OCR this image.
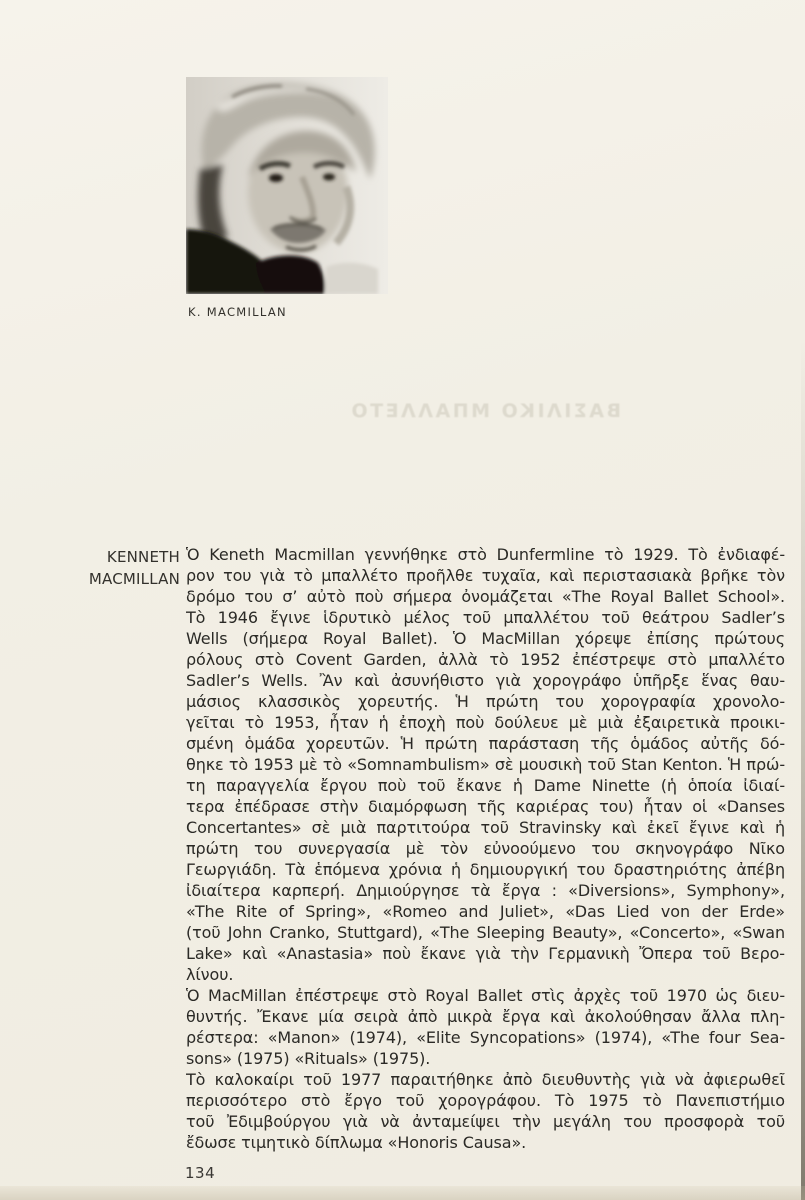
K. MACMILLAN
ΒΑΣΙΛΙΚΟ ΜΠΑΛΛΕΤΟ
KENNETH
MACMILLAN
Ὁ Keneth Macmillan γεννήθηκε στὸ Dunfermline τὸ 1929. Τὸ ἐνδιαφέ-
ρον του γιὰ τὸ μπαλλέτο προῆλθε τυχαῖα, καὶ περιστασιακὰ βρῆκε τὸν
δρόμο του σ’ αὐτὸ ποὺ σήμερα ὀνομάζεται «The Royal Ballet School».
Τὸ 1946 ἔγινε ἱδρυτικὸ μέλος τοῦ μπαλλέτου τοῦ θεάτρου Sadler’s
Wells (σήμερα Royal Ballet). Ὁ MacMillan χόρεψε ἐπίσης πρώτους
ρόλους στὸ Covent Garden, ἀλλὰ τὸ 1952 ἐπέστρεψε στὸ μπαλλέτο
Sadler’s Wells. Ἂν καὶ ἀσυνήθιστο γιὰ χορογράφο ὑπῆρξε ἕνας θαυ-
μάσιος κλασσικὸς χορευτής. Ἡ πρώτη του χορογραφία χρονολο-
γεῖται τὸ 1953, ἦταν ἡ ἐποχὴ ποὺ δούλευε μὲ μιὰ ἐξαιρετικὰ προικι-
σμένη ὁμάδα χορευτῶν. Ἡ πρώτη παράσταση τῆς ὁμάδος αὐτῆς δό-
θηκε τὸ 1953 μὲ τὸ «Somnambulism» σὲ μουσικὴ τοῦ Stan Kenton. Ἡ πρώ-
τη παραγγελία ἔργου ποὺ τοῦ ἔκανε ἡ Dame Ninette (ἡ ὁποία ἰδιαί-
τερα ἐπέδρασε στὴν διαμόρφωση τῆς καριέρας του) ἦταν οἱ «Danses
Concertantes» σὲ μιὰ παρτιτούρα τοῦ Stravinsky καὶ ἐκεῖ ἔγινε καὶ ἡ
πρώτη του συνεργασία μὲ τὸν εὐνοούμενο του σκηνογράφο Νῖκο
Γεωργιάδη. Τὰ ἑπόμενα χρόνια ἡ δημιουργική του δραστηριότης ἀπέβη
ἰδιαίτερα καρπερή. Δημιούργησε τὰ ἔργα : «Diversions», Symphony»,
«The Rite of Spring», «Romeo and Juliet», «Das Lied von der Erde»
(τοῦ John Cranko, Stuttgard), «The Sleeping Beauty», «Concerto», «Swan
Lake» καὶ «Anastasia» ποὺ ἔκανε γιὰ τὴν Γερμανικὴ Ὄπερα τοῦ Βερο-
λίνου.
Ὁ MacMillan ἐπέστρεψε στὸ Royal Ballet στὶς ἀρχὲς τοῦ 1970 ὡς διευ-
θυντής. Ἔκανε μία σειρὰ ἀπὸ μικρὰ ἔργα καὶ ἀκολούθησαν ἄλλα πλη-
ρέστερα: «Manon» (1974), «Elite Syncopations» (1974), «The four Sea-
sons» (1975) «Rituals» (1975).
Τὸ καλοκαίρι τοῦ 1977 παραιτήθηκε ἀπὸ διευθυντὴς γιὰ νὰ ἀφιερωθεῖ
περισσότερο στὸ ἔργο τοῦ χορογράφου. Τὸ 1975 τὸ Πανεπιστήμιο
τοῦ Ἐδιμβούργου γιὰ νὰ ἀνταμείψει τὴν μεγάλη του προσφορὰ τοῦ
ἔδωσε τιμητικὸ δίπλωμα «Honoris Causa».
134
